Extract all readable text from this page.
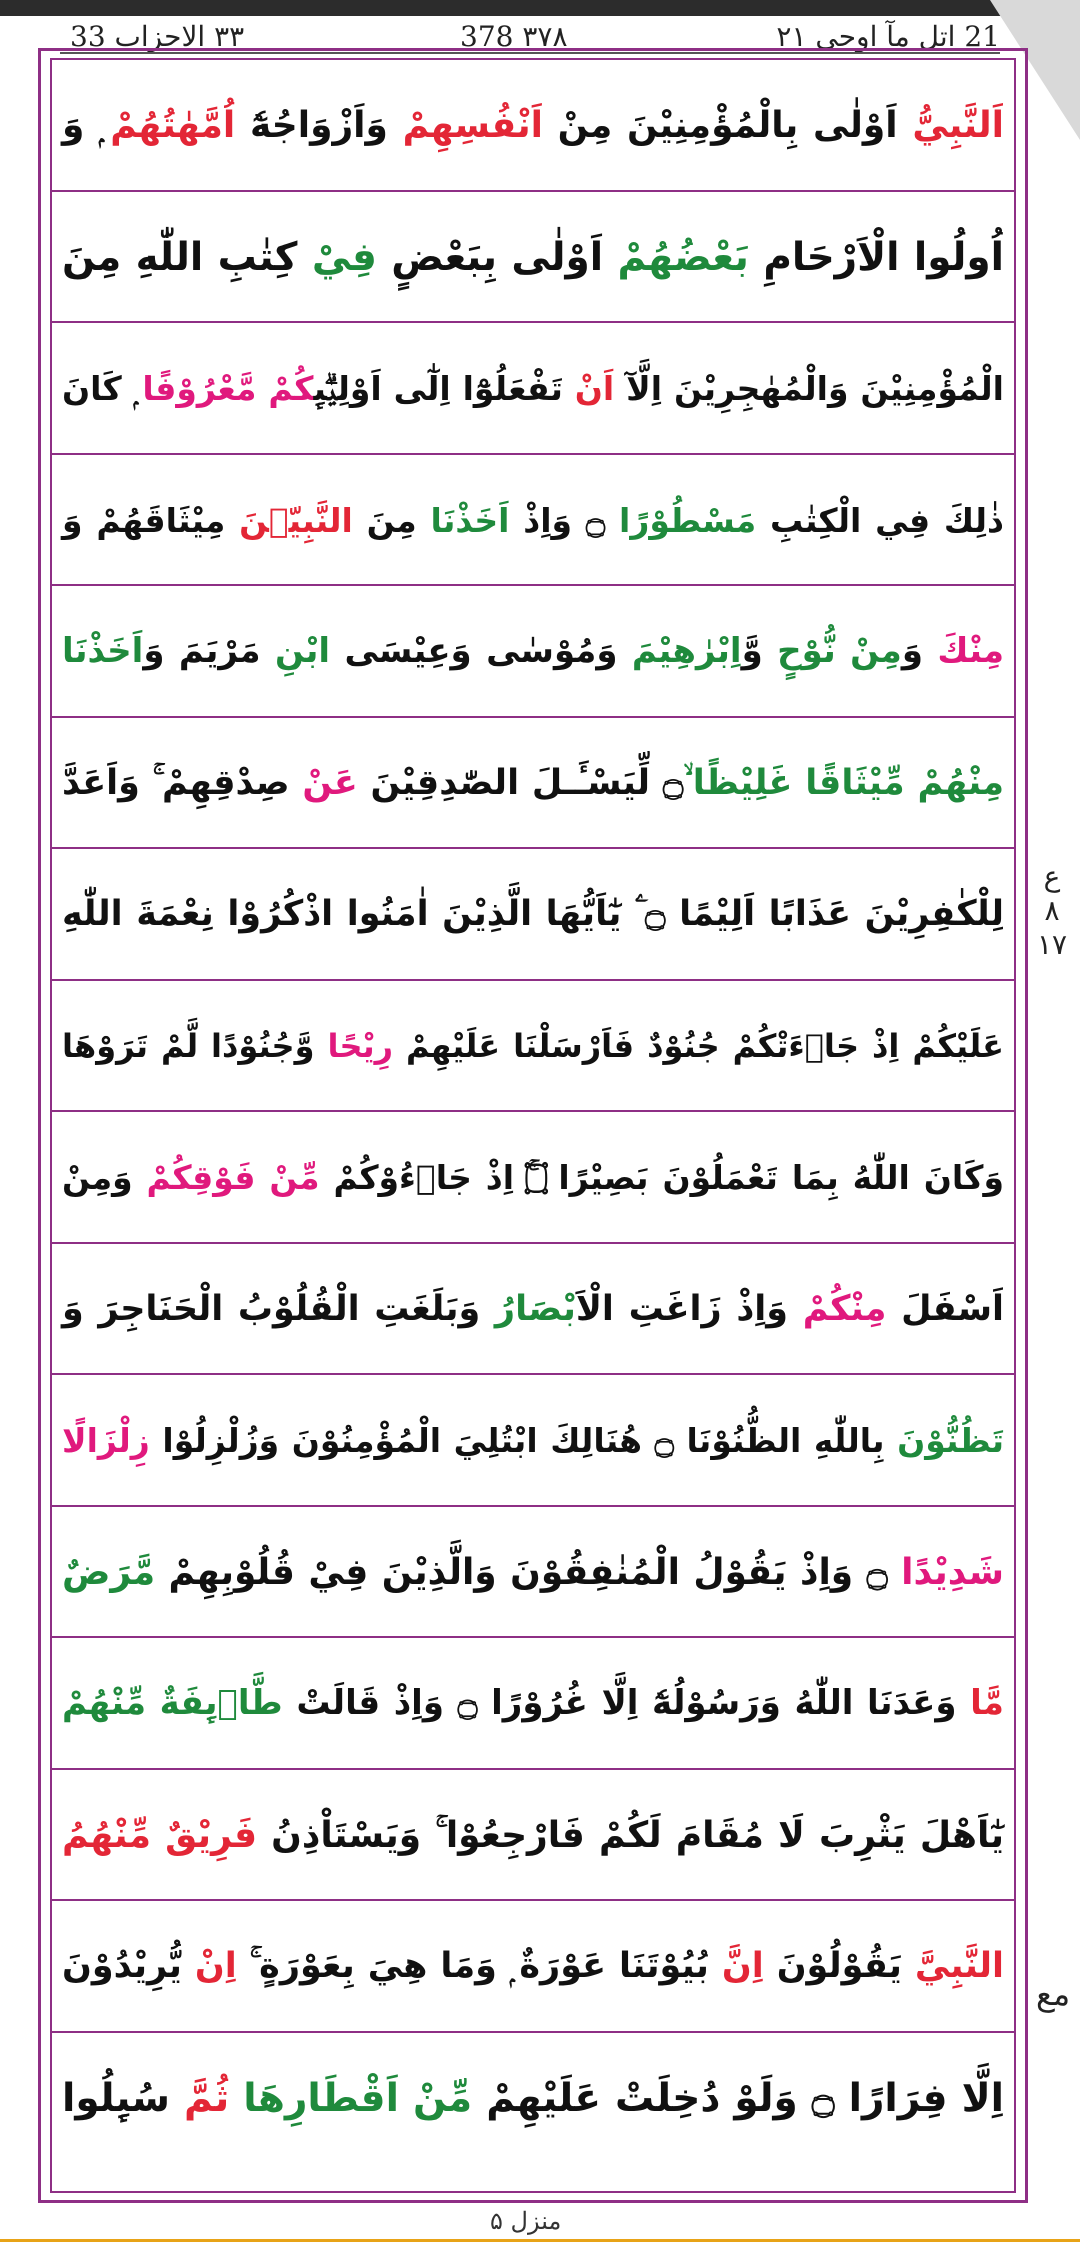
21 اتل مآ اوحی ۲۱
٣٧٨ 378
٣٣ الاحزاب 33
اَلنَّبِيُّ اَوْلٰى بِالْمُؤْمِنِيْنَ مِنْ اَنْفُسِهِمْ وَاَزْوَاجُهٗٓ اُمَّهٰتُهُمْ ۭ وَ
اُولُوا الْاَرْحَامِ بَعْضُهُمْ اَوْلٰى بِبَعْضٍ فِيْ كِتٰبِ اللّٰهِ مِنَ
الْمُؤْمِنِيْنَ وَالْمُهٰجِرِيْنَ اِلَّآ اَنْ تَفْعَلُوْٓا اِلٰٓى اَوْلِيٰۗىِٕكُمْ مَّعْرُوْفًا ۭ كَانَ
ذٰلِكَ فِي الْكِتٰبِ مَسْطُوْرًا ۝ وَاِذْ اَخَذْنَا مِنَ النَّبِيّٖنَ مِيْثَاقَهُمْ وَ
مِنْكَ وَمِنْ نُّوْحٍ وَّاِبْرٰهِيْمَ وَمُوْسٰى وَعِيْسَى ابْنِ مَرْيَمَ وَاَخَذْنَا
مِنْهُمْ مِّيْثَاقًا غَلِيْظًا ۙ۝ لِّيَسْـَٔـلَ الصّٰدِقِيْنَ عَنْ صِدْقِهِمْ ۚ وَاَعَدَّ
لِلْكٰفِرِيْنَ عَذَابًا اَلِيْمًا ۝ ۧ يٰٓاَيُّهَا الَّذِيْنَ اٰمَنُوا اذْكُرُوْا نِعْمَةَ اللّٰهِ
عَلَيْكُمْ اِذْ جَاۗءَتْكُمْ جُنُوْدٌ فَاَرْسَلْنَا عَلَيْهِمْ رِيْحًا وَّجُنُوْدًا لَّمْ تَرَوْهَا
وَكَانَ اللّٰهُ بِمَا تَعْمَلُوْنَ بَصِيْرًا ۝ۚ اِذْ جَاۗءُوْكُمْ مِّنْ فَوْقِكُمْ وَمِنْ
اَسْفَلَ مِنْكُمْ وَاِذْ زَاغَتِ الْاَبْصَارُ وَبَلَغَتِ الْقُلُوْبُ الْحَنَاجِرَ وَ
تَظُنُّوْنَ بِاللّٰهِ الظُّنُوْنَا ۝ هُنَالِكَ ابْتُلِيَ الْمُؤْمِنُوْنَ وَزُلْزِلُوْا زِلْزَالًا
شَدِيْدًا ۝ وَاِذْ يَقُوْلُ الْمُنٰفِقُوْنَ وَالَّذِيْنَ فِيْ قُلُوْبِهِمْ مَّرَضٌ
مَّا وَعَدَنَا اللّٰهُ وَرَسُوْلُهٗٓ اِلَّا غُرُوْرًا ۝ وَاِذْ قَالَتْ طَّاۗىِٕفَةٌ مِّنْهُمْ
يٰٓاَهْلَ يَثْرِبَ لَا مُقَامَ لَكُمْ فَارْجِعُوْا ۚ وَيَسْتَاْذِنُ فَرِيْقٌ مِّنْهُمُ
النَّبِيَّ يَقُوْلُوْنَ اِنَّ بُيُوْتَنَا عَوْرَةٌ ۭ وَمَا هِيَ بِعَوْرَةٍ ۚ اِنْ يُّرِيْدُوْنَ
اِلَّا فِرَارًا ۝ وَلَوْ دُخِلَتْ عَلَيْهِمْ مِّنْ اَقْطَارِهَا ثُمَّ سُىِٕلُوا
ع
٨
١٧
مع
منزل ۵
